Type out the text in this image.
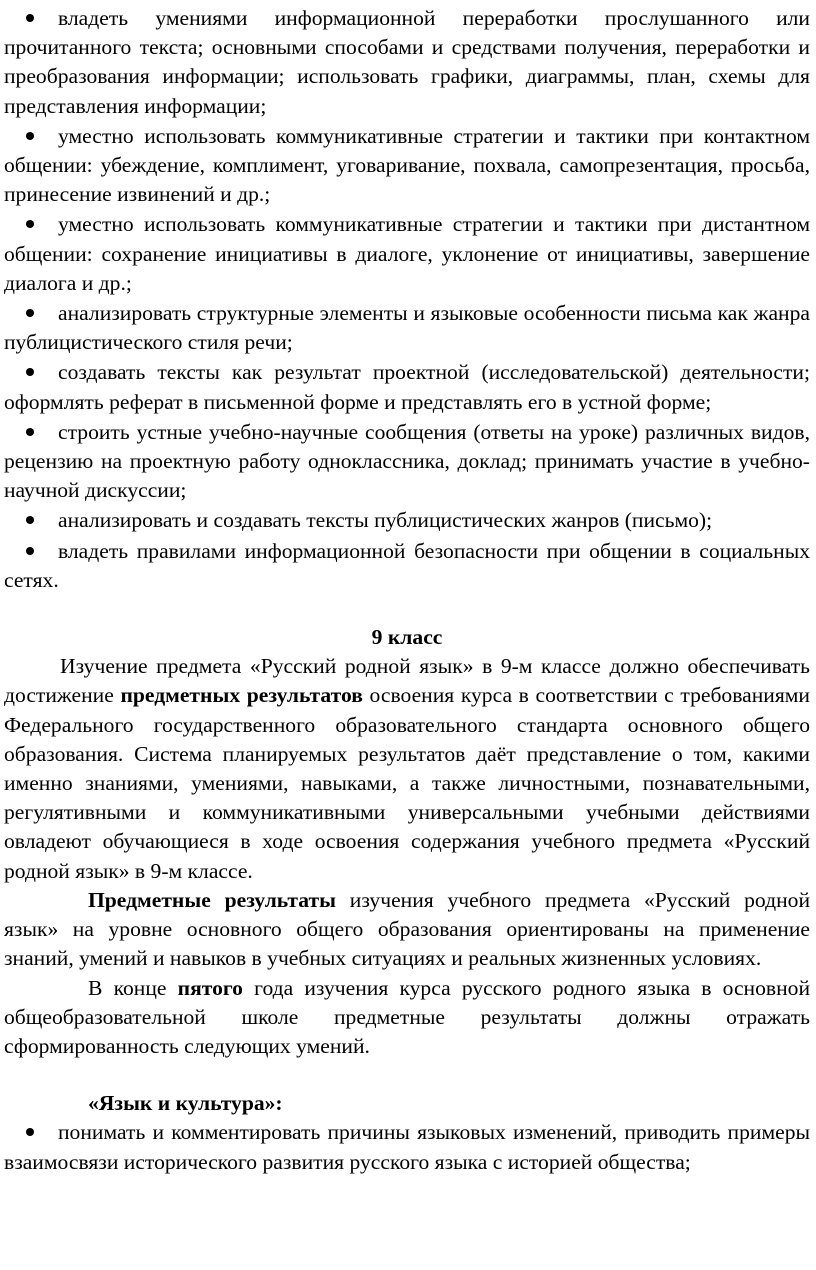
владеть умениями информационной переработки прослушанного или прочитанного текста; основными способами и средствами получения, переработки и преобразования информации; использовать графики, диаграммы, план, схемы для представления информации;

уместно использовать коммуникативные стратегии и тактики при контактном общении: убеждение, комплимент, уговаривание, похвала, самопрезентация, просьба, принесение извинений и др.;

уместно использовать коммуникативные стратегии и тактики при дистантном общении: сохранение инициативы в диалоге, уклонение от инициативы, завершение диалога и др.;

анализировать структурные элементы и языковые особенности письма как жанра публицистического стиля речи;

создавать тексты как результат проектной (исследовательской) деятельности; оформлять реферат в письменной форме и представлять его в устной форме;

строить устные учебно-научные сообщения (ответы на уроке) различных видов, рецензию на проектную работу одноклассника, доклад; принимать участие в учебно-научной дискуссии;

анализировать и создавать тексты публицистических жанров (письмо);

владеть правилами информационной безопасности при общении в социальных сетях.

9 класс

Изучение предмета «Русский родной язык» в 9-м классе должно обеспечивать достижение предметных результатов освоения курса в соответствии с требованиями Федерального государственного образовательного стандарта основного общего образования. Система планируемых результатов даёт представление о том, какими именно знаниями, умениями, навыками, а также личностными, познавательными, регулятивными и коммуникативными универсальными учебными действиями овладеют обучающиеся в ходе освоения содержания учебного предмета «Русский родной язык» в 9-м классе.

Предметные результаты изучения учебного предмета «Русский родной язык» на уровне основного общего образования ориентированы на применение знаний, умений и навыков в учебных ситуациях и реальных жизненных условиях.

В конце пятого года изучения курса русского родного языка в основной общеобразовательной школе предметные результаты должны отражать сформированность следующих умений.

«Язык и культура»:

понимать и комментировать причины языковых изменений, приводить примеры взаимосвязи исторического развития русского языка с историей общества;
